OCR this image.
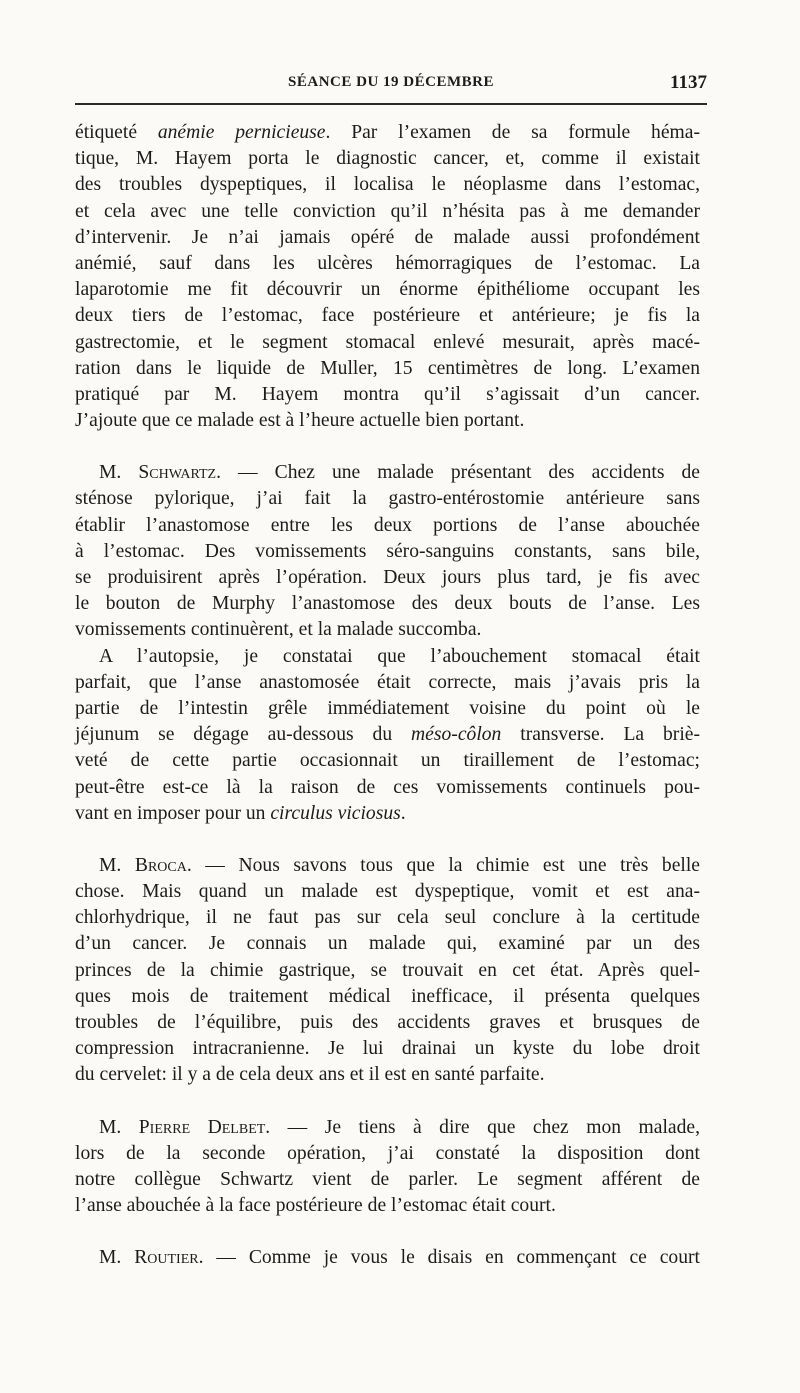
SÉANCE DU 19 DÉCEMBRE	1137
étiqueté anémie pernicieuse. Par l’examen de sa formule héma-
tique, M. Hayem porta le diagnostic cancer, et, comme il existait
des troubles dyspeptiques, il localisa le néoplasme dans l’estomac,
et cela avec une telle conviction qu’il n’hésita pas à me demander
d’intervenir. Je n’ai jamais opéré de malade aussi profondément
anémié, sauf dans les ulcères hémorragiques de l’estomac. La
laparotomie me fit découvrir un énorme épithéliome occupant les
deux tiers de l’estomac, face postérieure et antérieure; je fis la
gastrectomie, et le segment stomacal enlevé mesurait, après macé-
ration dans le liquide de Muller, 15 centimètres de long. L’examen
pratiqué par M. Hayem montra qu’il s’agissait d’un cancer.
J’ajoute que ce malade est à l’heure actuelle bien portant.
M. Schwartz. — Chez une malade présentant des accidents de
sténose pylorique, j’ai fait la gastro-entérostomie antérieure sans
établir l’anastomose entre les deux portions de l’anse abouchée
à l’estomac. Des vomissements séro-sanguins constants, sans bile,
se produisirent après l’opération. Deux jours plus tard, je fis avec
le bouton de Murphy l’anastomose des deux bouts de l’anse. Les
vomissements continuèrent, et la malade succomba.
A l’autopsie, je constatai que l’abouchement stomacal était
parfait, que l’anse anastomosée était correcte, mais j’avais pris la
partie de l’intestin grêle immédiatement voisine du point où le
jéjunum se dégage au-dessous du méso-côlon transverse. La briè-
veté de cette partie occasionnait un tiraillement de l’estomac;
peut-être est-ce là la raison de ces vomissements continuels pou-
vant en imposer pour un circulus viciosus.
M. Broca. — Nous savons tous que la chimie est une très belle
chose. Mais quand un malade est dyspeptique, vomit et est ana-
chlorhydrique, il ne faut pas sur cela seul conclure à la certitude
d’un cancer. Je connais un malade qui, examiné par un des
princes de la chimie gastrique, se trouvait en cet état. Après quel-
ques mois de traitement médical inefficace, il présenta quelques
troubles de l’équilibre, puis des accidents graves et brusques de
compression intracranienne. Je lui drainai un kyste du lobe droit
du cervelet: il y a de cela deux ans et il est en santé parfaite.
M. Pierre Delbet. — Je tiens à dire que chez mon malade,
lors de la seconde opération, j’ai constaté la disposition dont
notre collègue Schwartz vient de parler. Le segment afférent de
l’anse abouchée à la face postérieure de l’estomac était court.
M. Routier. — Comme je vous le disais en commençant ce court
